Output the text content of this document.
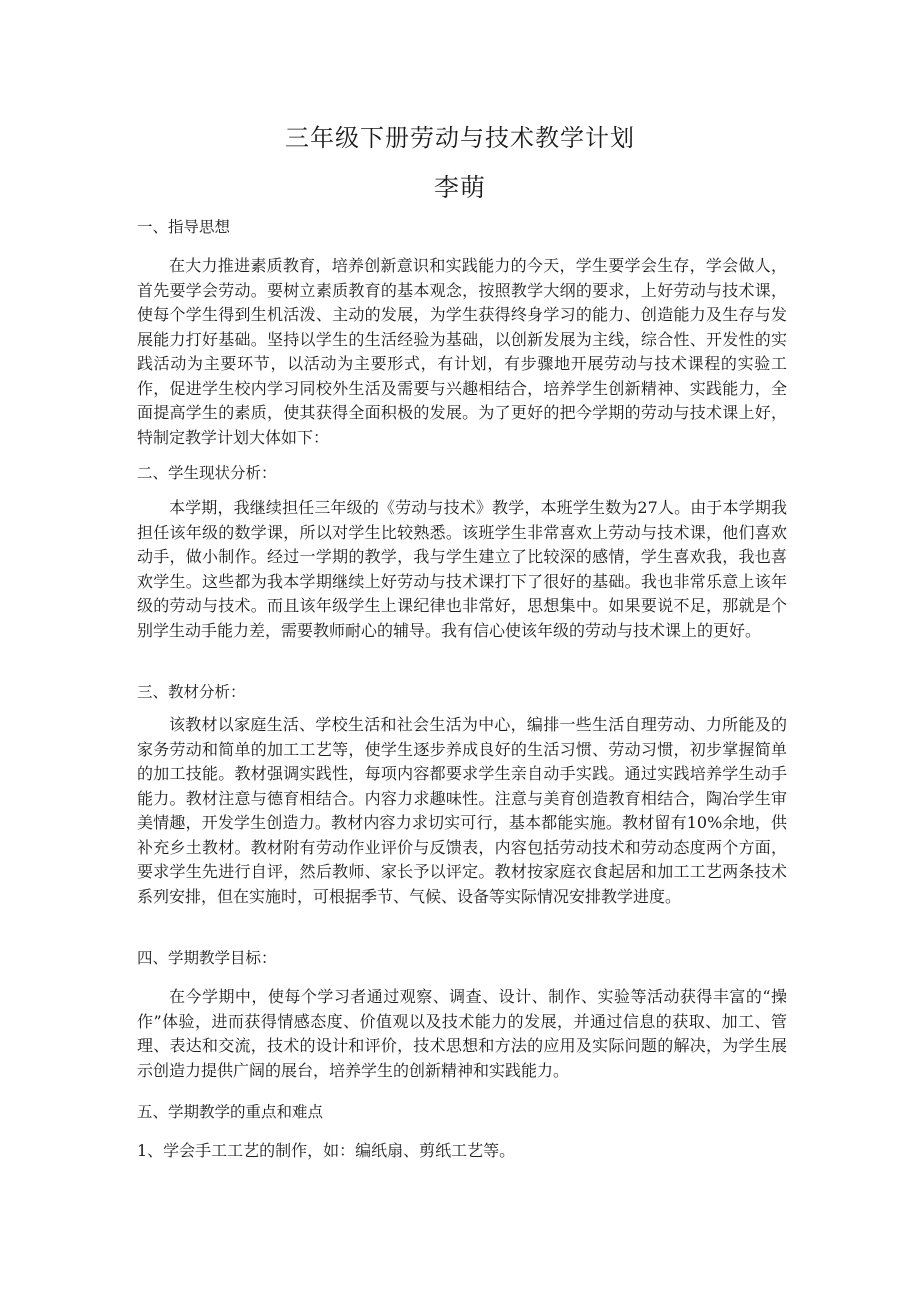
三年级下册劳动与技术教学计划
李萌
一、指导思想

在大力推进素质教育，培养创新意识和实践能力的今天，学生要学会生存，学会做人，首先要学会劳动。要树立素质教育的基本观念，按照教学大纲的要求，上好劳动与技术课，使每个学生得到生机活泼、主动的发展，为学生获得终身学习的能力、创造能力及生存与发展能力打好基础。坚持以学生的生活经验为基础，以创新发展为主线，综合性、开发性的实践活动为主要环节，以活动为主要形式，有计划，有步骤地开展劳动与技术课程的实验工作，促进学生校内学习同校外生活及需要与兴趣相结合，培养学生创新精神、实践能力，全面提高学生的素质，使其获得全面积极的发展。为了更好的把今学期的劳动与技术课上好，特制定教学计划大体如下：

二、学生现状分析：

本学期，我继续担任三年级的《劳动与技术》教学，本班学生数为27人。由于本学期我担任该年级的数学课，所以对学生比较熟悉。该班学生非常喜欢上劳动与技术课，他们喜欢动手，做小制作。经过一学期的教学，我与学生建立了比较深的感情，学生喜欢我，我也喜欢学生。这些都为我本学期继续上好劳动与技术课打下了很好的基础。我也非常乐意上该年级的劳动与技术。而且该年级学生上课纪律也非常好，思想集中。如果要说不足，那就是个别学生动手能力差，需要教师耐心的辅导。我有信心使该年级的劳动与技术课上的更好。

三、教材分析：

该教材以家庭生活、学校生活和社会生活为中心，编排一些生活自理劳动、力所能及的家务劳动和简单的加工工艺等，使学生逐步养成良好的生活习惯、劳动习惯，初步掌握简单的加工技能。教材强调实践性，每项内容都要求学生亲自动手实践。通过实践培养学生动手能力。教材注意与德育相结合。内容力求趣味性。注意与美育创造教育相结合，陶冶学生审美情趣，开发学生创造力。教材内容力求切实可行，基本都能实施。教材留有10%余地，供补充乡土教材。教材附有劳动作业评价与反馈表，内容包括劳动技术和劳动态度两个方面，要求学生先进行自评，然后教师、家长予以评定。教材按家庭衣食起居和加工工艺两条技术系列安排，但在实施时，可根据季节、气候、设备等实际情况安排教学进度。

四、学期教学目标：

在今学期中，使每个学习者通过观察、调查、设计、制作、实验等活动获得丰富的“操作”体验，进而获得情感态度、价值观以及技术能力的发展，并通过信息的获取、加工、管理、表达和交流，技术的设计和评价，技术思想和方法的应用及实际问题的解决，为学生展示创造力提供广阔的展台，培养学生的创新精神和实践能力。

五、学期教学的重点和难点
1、学会手工工艺的制作，如：编纸扇、剪纸工艺等。
